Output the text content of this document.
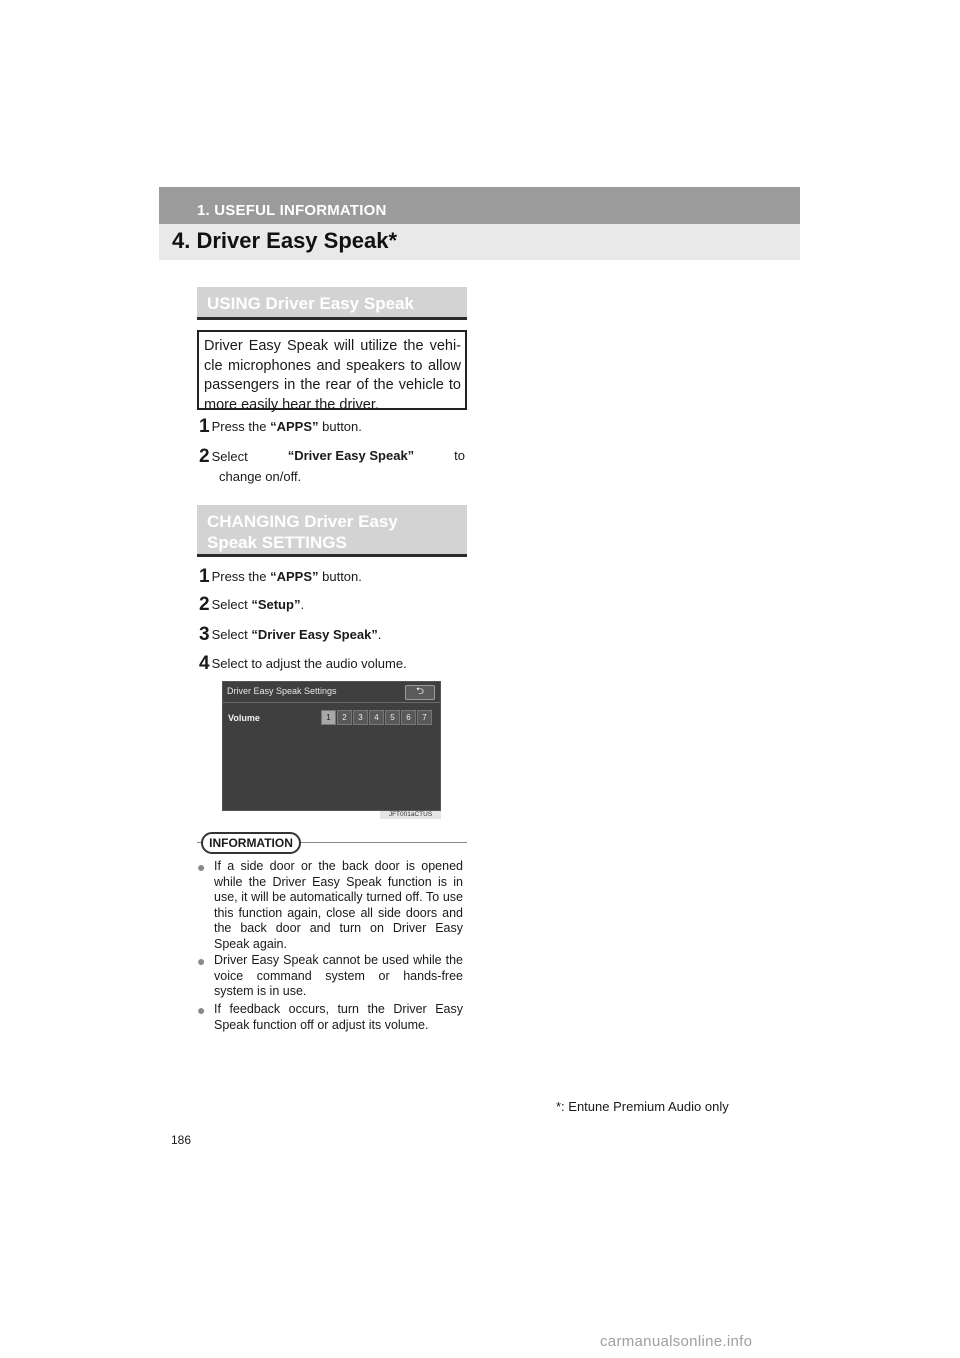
1. USEFUL INFORMATION
4. Driver Easy Speak*
USING Driver Easy Speak
Driver Easy Speak will utilize the vehi-cle microphones and speakers to allow passengers in the rear of the vehicle to more easily hear the driver.
1 Press the “APPS” button.
2 Select	“Driver Easy Speak”	to
change on/off.
CHANGING Driver Easy
Speak SETTINGS
1 Press the “APPS” button.
2 Select “Setup”.
3 Select “Driver Easy Speak”.
4 Select to adjust the audio volume.
Driver Easy Speak Settings	⮌
Volume	1	2	3	4	5	6	7
JFT001aCTUS
INFORMATION
● If a side door or the back door is opened while the Driver Easy Speak function is in use, it will be automatically turned off. To use this function again, close all side doors and the back door and turn on Driver Easy Speak again.
● Driver Easy Speak cannot be used while the voice command system or hands-free system is in use.
● If feedback occurs, turn the Driver Easy Speak function off or adjust its volume.
*: Entune Premium Audio only
186
carmanualsonline.info
